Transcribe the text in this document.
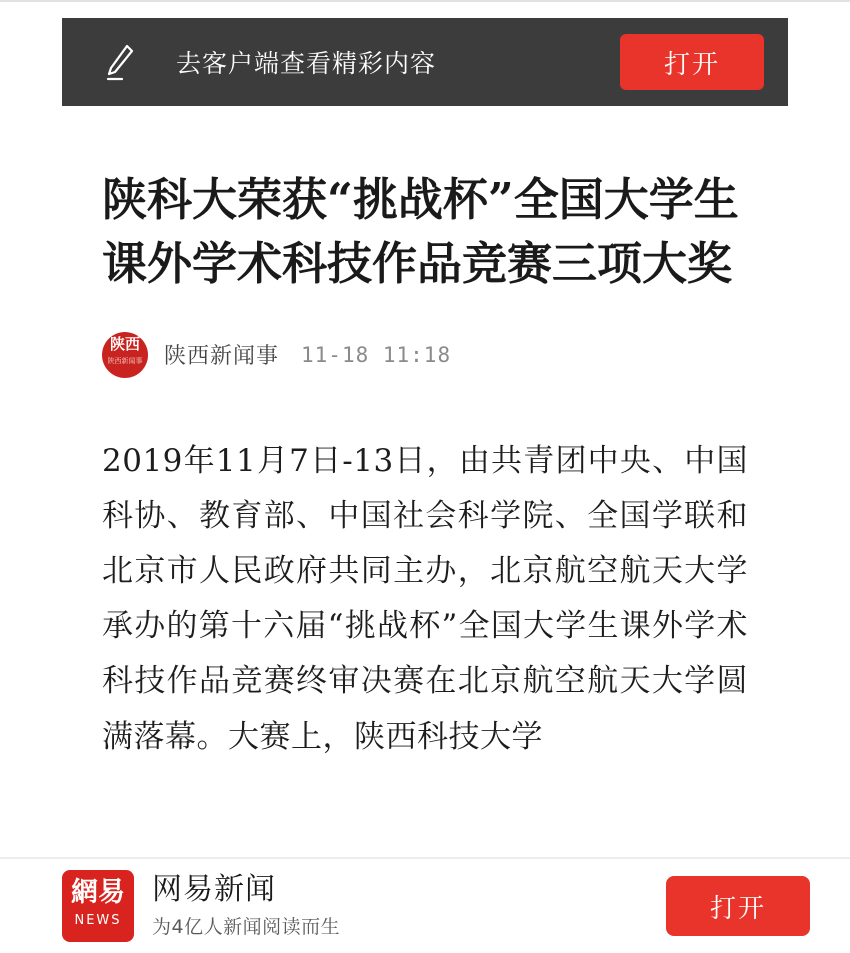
去客户端查看精彩内容	打开
陕科大荣获“挑战杯”全国大学生课外学术科技作品竞赛三项大奖
陕西
陕西新闻事 陕西新闻事 11-18 11:18

2019年11月7日-13日，由共青团中央、中国科协、教育部、中国社会科学院、全国学联和北京市人民政府共同主办，北京航空航天大学承办的第十六届“挑战杯”全国大学生课外学术科技作品竞赛终审决赛在北京航空航天大学圆满落幕。大赛上，陕西科技大学

網易
NEWS
网易新闻
为4亿人新闻阅读而生
打开
